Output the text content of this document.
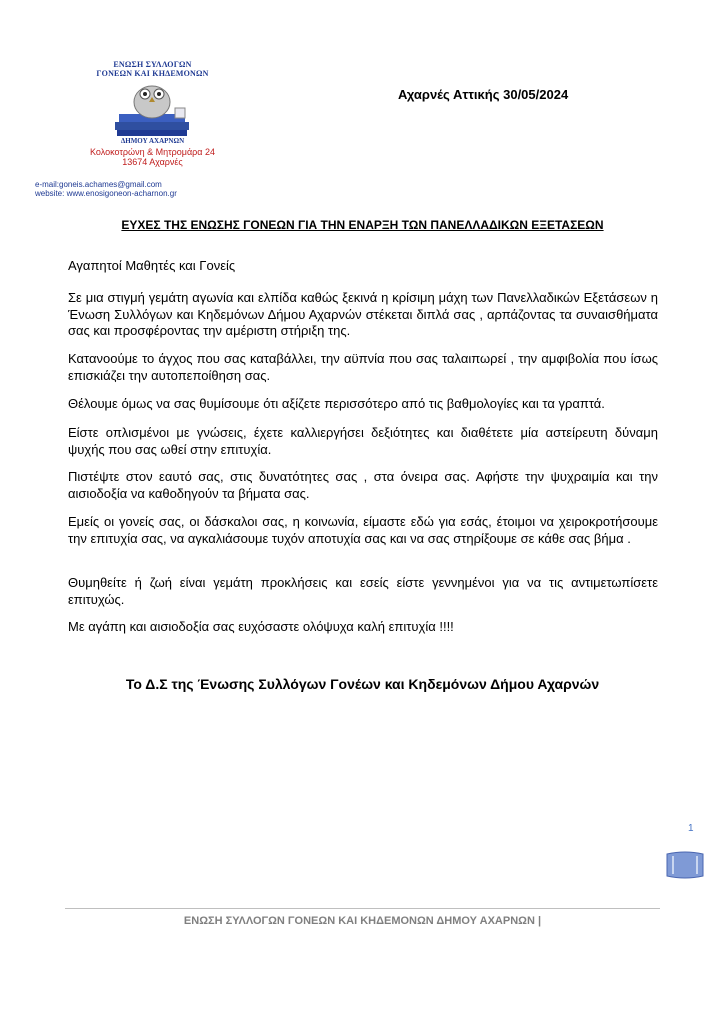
ΕΝΩΣΗ ΣΥΛΛΟΓΩΝ
ΓΟΝΕΩΝ ΚΑΙ ΚΗΔΕΜΟΝΩΝ
ΔΗΜΟΥ ΑΧΑΡΝΩΝ
Κολοκοτρώνη & Μητρομάρα 24
13674 Αχαρνές
e-mail:goneis.achames@gmail.com
website: www.enosigoneon-acharnon.gr
Αχαρνές Αττικής 30/05/2024
ΕΥΧΕΣ ΤΗΣ ΕΝΩΣΗΣ ΓΟΝΕΩΝ ΓΙΑ ΤΗΝ ΕΝΑΡΞΗ ΤΩΝ ΠΑΝΕΛΛΑΔΙΚΩΝ ΕΞΕΤΑΣΕΩΝ
Αγαπητοί Μαθητές και Γονείς
Σε μια στιγμή γεμάτη αγωνία και ελπίδα καθώς ξεκινά η κρίσιμη μάχη των Πανελλαδικών Εξετάσεων η Ένωση Συλλόγων και Κηδεμόνων Δήμου Αχαρνών στέκεται διπλά σας , αρπάζοντας τα συναισθήματα σας και προσφέροντας την αμέριστη στήριξη της.
Κατανοούμε το άγχος που σας καταβάλλει, την αϋπνία που σας ταλαιπωρεί , την αμφιβολία που ίσως επισκιάζει την αυτοπεποίθηση σας.
Θέλουμε όμως να σας θυμίσουμε ότι αξίζετε περισσότερο από τις βαθμολογίες και τα γραπτά.
Είστε οπλισμένοι με γνώσεις, έχετε καλλιεργήσει δεξιότητες και διαθέτετε μία αστείρευτη δύναμη ψυχής που σας ωθεί στην επιτυχία.
Πιστέψτε στον εαυτό σας, στις δυνατότητες σας , στα όνειρα σας. Αφήστε την ψυχραιμία και την αισιοδοξία να καθοδηγούν τα βήματα σας.
Εμείς οι γονείς σας, οι δάσκαλοι σας, η κοινωνία, είμαστε εδώ για εσάς, έτοιμοι να χειροκροτήσουμε την επιτυχία σας, να αγκαλιάσουμε τυχόν αποτυχία σας και να σας στηρίξουμε σε κάθε σας βήμα .
Θυμηθείτε ή ζωή είναι γεμάτη προκλήσεις και εσείς είστε γεννημένοι για να τις αντιμετωπίσετε επιτυχώς.
Με αγάπη και αισιοδοξία σας ευχόσαστε ολόψυχα καλή επιτυχία !!!!
Το Δ.Σ της Ένωσης Συλλόγων Γονέων και Κηδεμόνων Δήμου Αχαρνών
1
ΕΝΩΣΗ ΣΥΛΛΟΓΩΝ ΓΟΝΕΩΝ ΚΑΙ ΚΗΔΕΜΟΝΩΝ ΔΗΜΟΥ ΑΧΑΡΝΩΝ |
